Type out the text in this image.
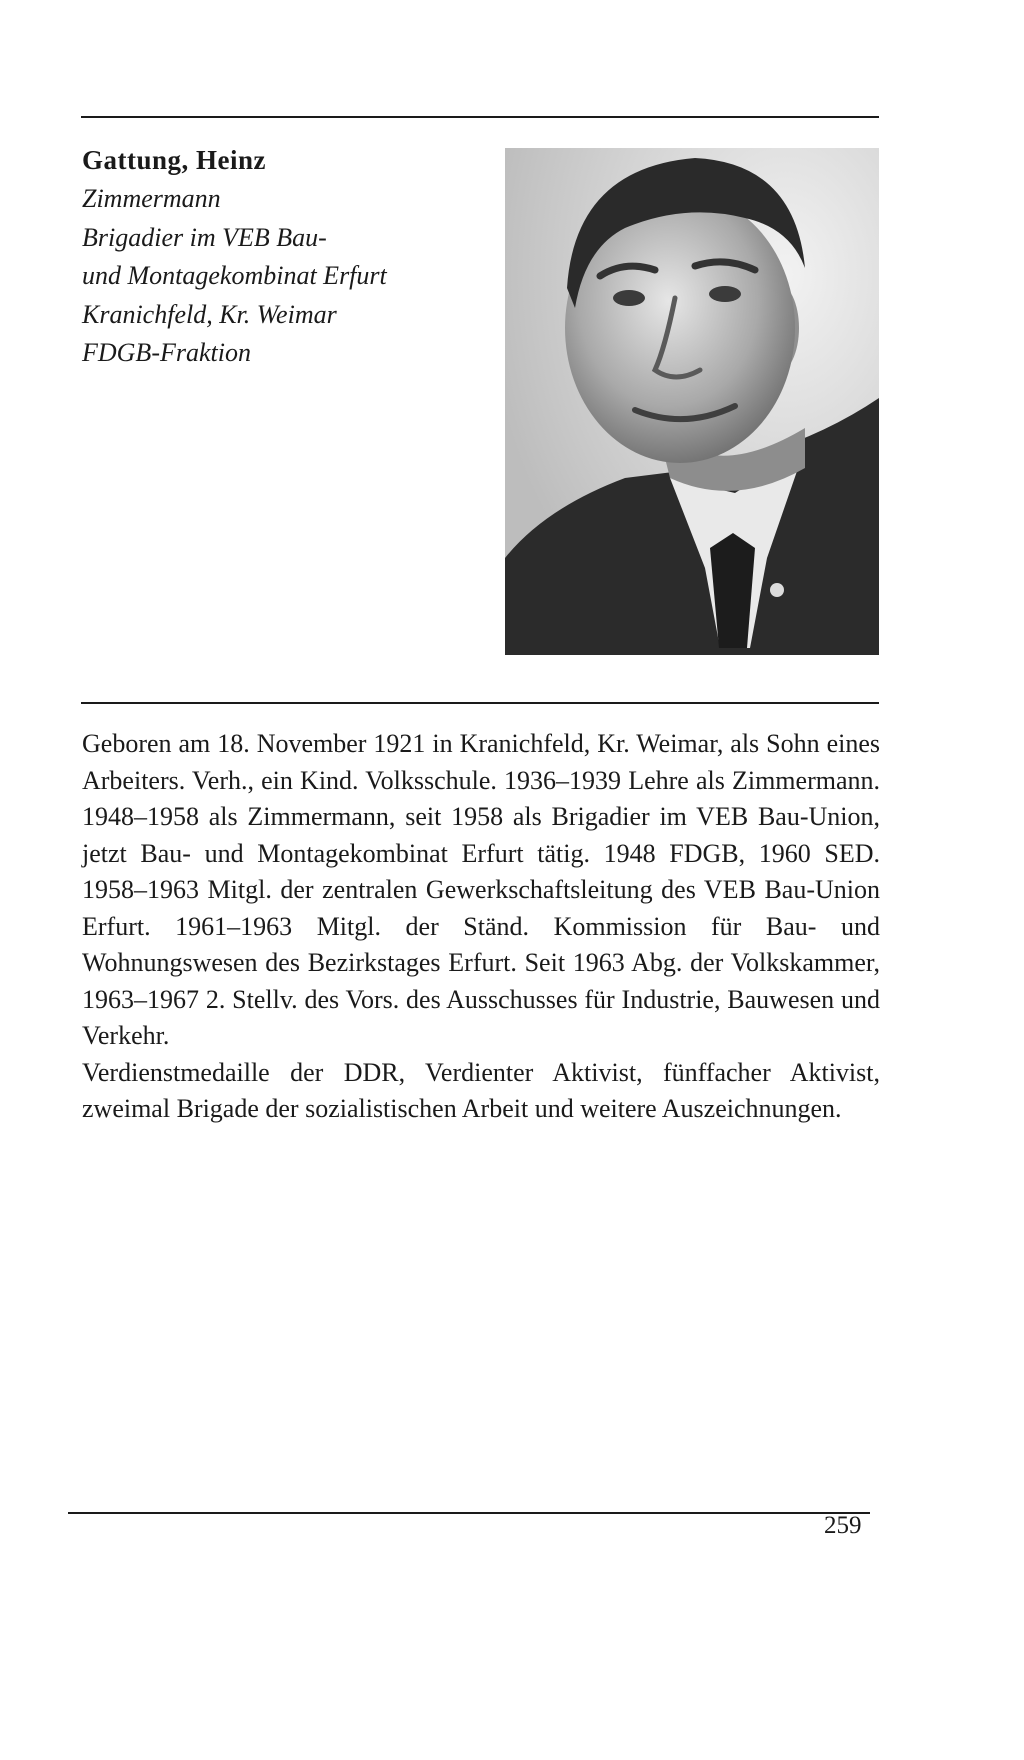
Gattung, Heinz

Zimmermann

Brigadier im VEB Bau-

und Montagekombinat Erfurt

Kranichfeld, Kr. Weimar

FDGB-Fraktion

Geboren am 18. November 1921 in Kranichfeld, Kr. Weimar, als Sohn eines Arbeiters. Verh., ein Kind. Volksschule. 1936–1939 Lehre als Zimmermann. 1948–1958 als Zimmermann, seit 1958 als Brigadier im VEB Bau-Union, jetzt Bau- und Montagekombinat Erfurt tätig. 1948 FDGB, 1960 SED. 1958–1963 Mitgl. der zentralen Gewerkschaftsleitung des VEB Bau-Union Erfurt. 1961–1963 Mitgl. der Ständ. Kommission für Bau- und Wohnungswesen des Bezirkstages Erfurt. Seit 1963 Abg. der Volkskammer, 1963–1967 2. Stellv. des Vors. des Ausschusses für Industrie, Bauwesen und Verkehr.

Verdienstmedaille der DDR, Verdienter Aktivist, fünffacher Aktivist, zweimal Brigade der sozialistischen Arbeit und weitere Auszeichnungen.

259
